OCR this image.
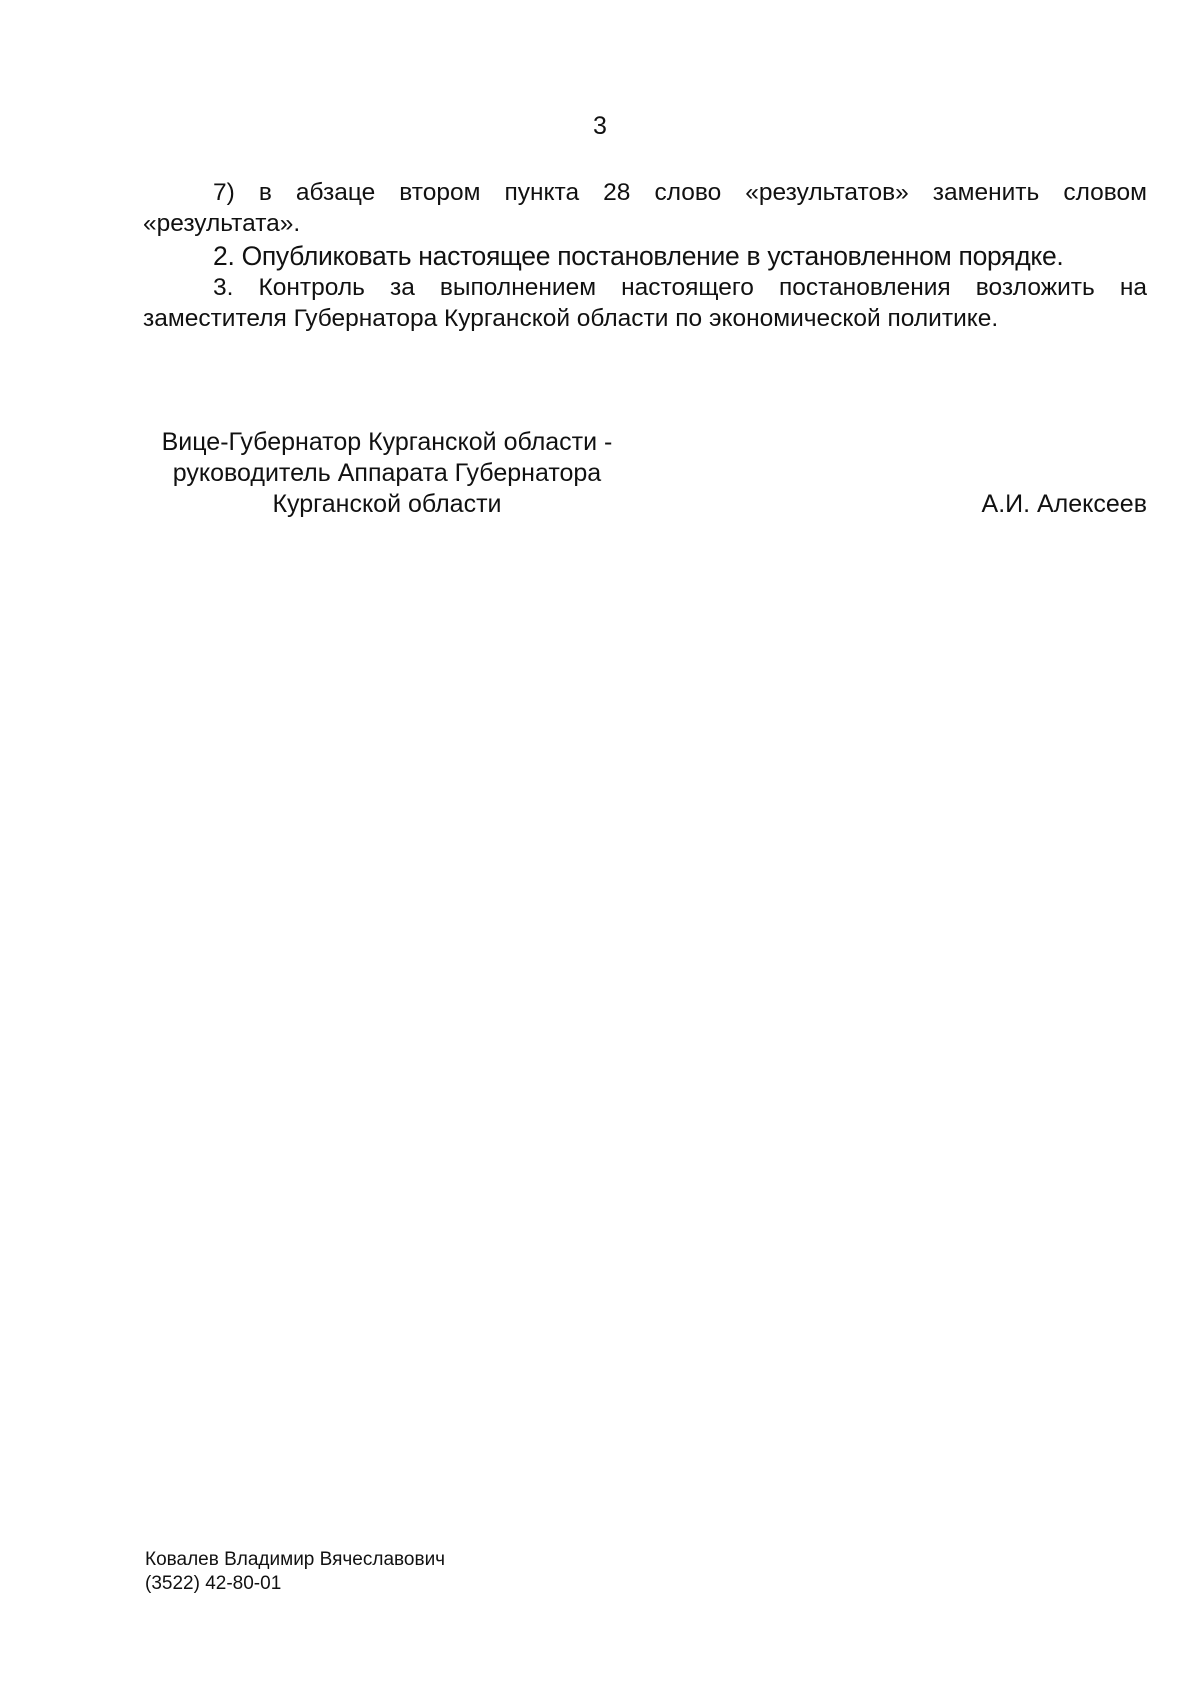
3

7) в абзаце втором пункта 28 слово «результатов» заменить словом «результата».

2. Опубликовать настоящее постановление в установленном порядке.

3. Контроль за выполнением настоящего постановления возложить на заместителя Губернатора Курганской области по экономической политике.

Вице-Губернатор Курганской области -
руководитель Аппарата Губернатора
Курганской области	А.И. Алексеев
Ковалев Владимир Вячеславович
(3522) 42-80-01
